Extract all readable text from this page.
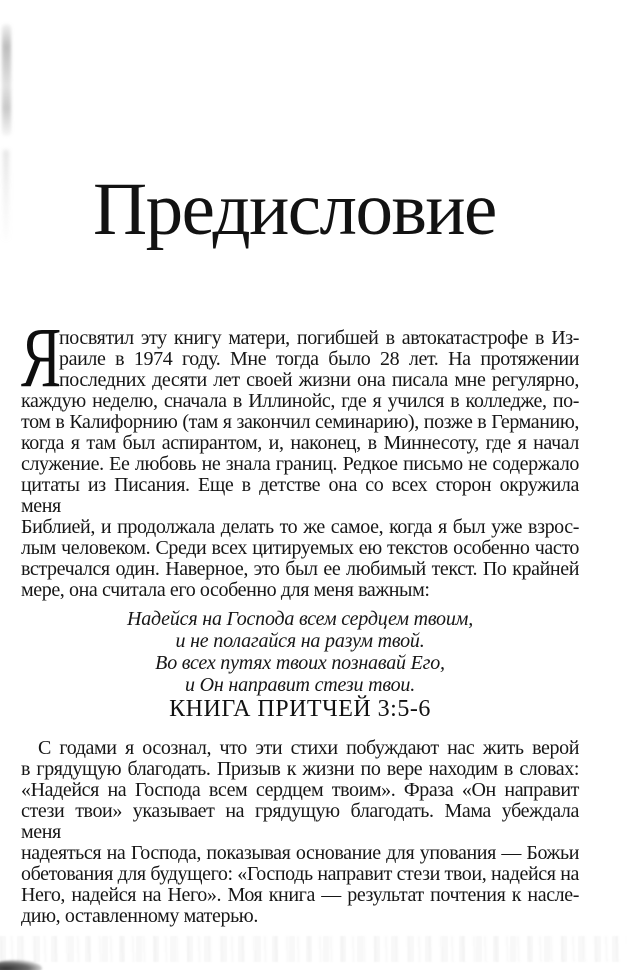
Предисловие
Я
посвятил эту книгу матери, погибшей в автокатастрофе в Из-
раиле в 1974 году. Мне тогда было 28 лет. На протяжении
последних десяти лет своей жизни она писала мне регулярно,
каждую неделю, сначала в Иллинойс, где я учился в колледже, по-
том в Калифорнию (там я закончил семинарию), позже в Германию,
когда я там был аспирантом, и, наконец, в Миннесоту, где я начал
служение. Ее любовь не знала границ. Редкое письмо не содержало
цитаты из Писания. Еще в детстве она со всех сторон окружила меня
Библией, и продолжала делать то же самое, когда я был уже взрос-
лым человеком. Среди всех цитируемых ею текстов особенно часто
встречался один. Наверное, это был ее любимый текст. По крайней
мере, она считала его особенно для меня важным:
Надейся на Господа всем сердцем твоим,
и не полагайся на разум твой.
Во всех путях твоих познавай Его,
и Он направит стези твои.
КНИГА ПРИТЧЕЙ 3:5-6
С годами я осознал, что эти стихи побуждают нас жить верой
в грядущую благодать. Призыв к жизни по вере находим в словах:
«Надейся на Господа всем сердцем твоим». Фраза «Он направит
стези твои» указывает на грядущую благодать. Мама убеждала меня
надеяться на Господа, показывая основание для упования — Божьи
обетования для будущего: «Господь направит стези твои, надейся на
Него, надейся на Него». Моя книга — результат почтения к насле-
дию, оставленному матерью.
